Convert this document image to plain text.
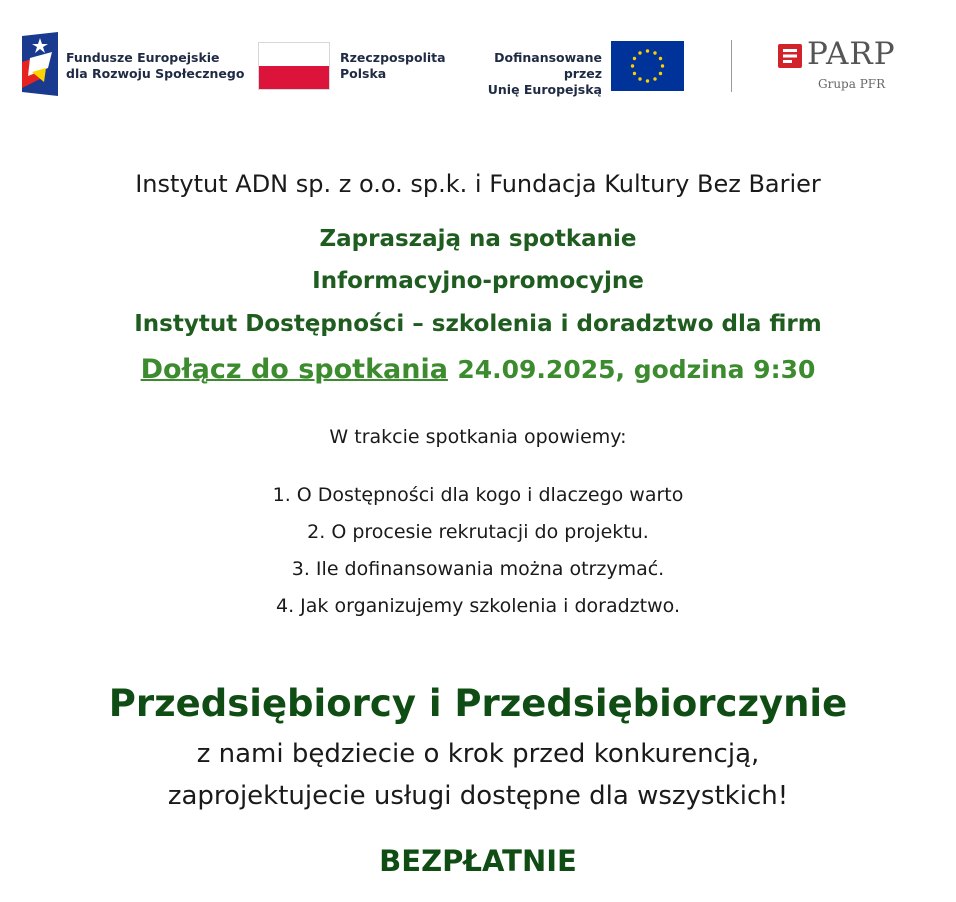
Fundusze Europejskie
dla Rozwoju Społecznego
Rzeczpospolita
Polska
Dofinansowane przez
Unię Europejską
PARP
Grupa PFR
Instytut ADN sp. z o.o. sp.k. i Fundacja Kultury Bez Barier
Zapraszają na spotkanie
Informacyjno-promocyjne
Instytut Dostępności – szkolenia i doradztwo dla firm
Dołącz do spotkania 24.09.2025, godzina 9:30
W trakcie spotkania opowiemy:
1. O Dostępności dla kogo i dlaczego warto
2. O procesie rekrutacji do projektu.
3. Ile dofinansowania można otrzymać.
4. Jak organizujemy szkolenia i doradztwo.
Przedsiębiorcy i Przedsiębiorczynie
z nami będziecie o krok przed konkurencją,
zaprojektujecie usługi dostępne dla wszystkich!
BEZPŁATNIE
